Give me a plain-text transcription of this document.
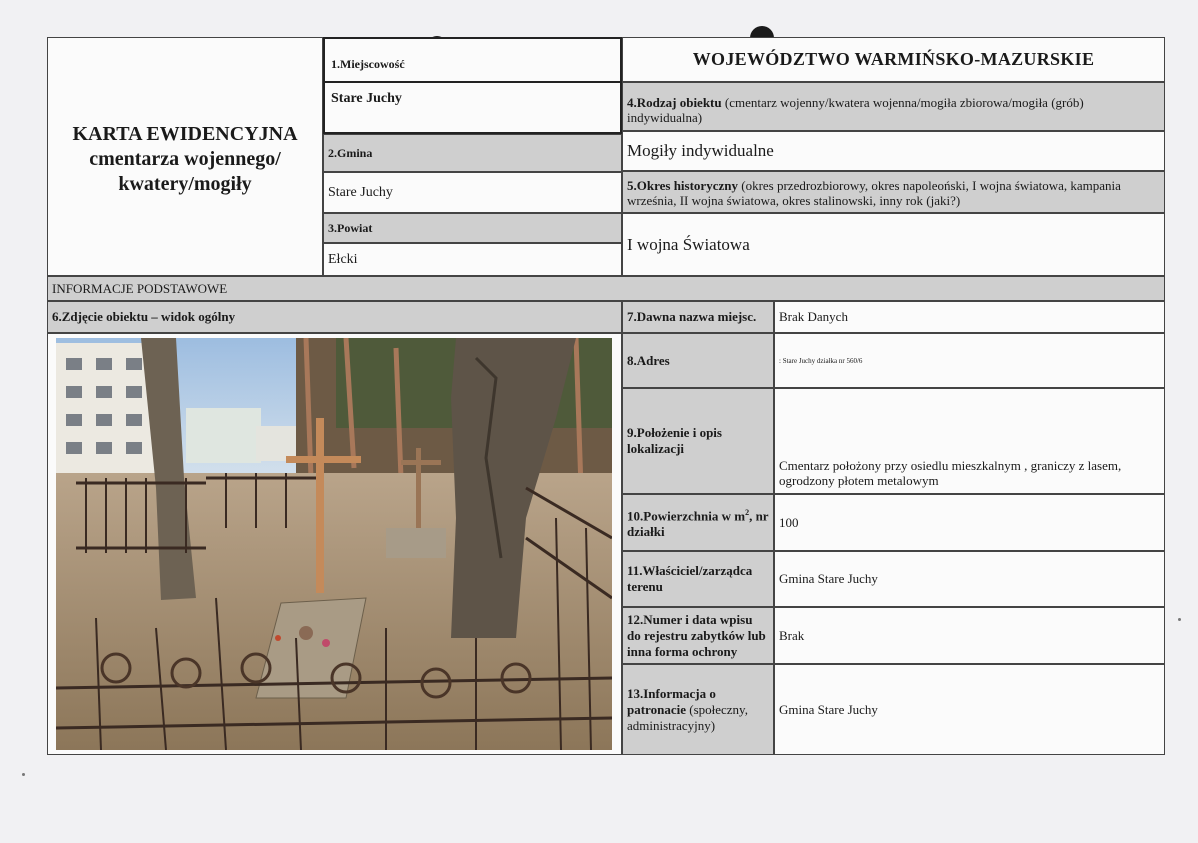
KARTA EWIDENCYJNA
cmentarza wojennego/
kwatery/mogiły
1.Miejscowość
Stare Juchy
2.Gmina
Stare Juchy
3.Powiat
Ełcki
WOJEWÓDZTWO WARMIŃSKO-MAZURSKIE
4.Rodzaj obiektu (cmentarz wojenny/kwatera wojenna/mogiła zbiorowa/mogiła (grób) indywidualna)
Mogiły indywidualne
5.Okres historyczny (okres przedrozbiorowy, okres napoleoński, I wojna światowa, kampania września, II wojna światowa, okres stalinowski, inny rok (jaki?)
I wojna Światowa
INFORMACJE PODSTAWOWE
6.Zdjęcie obiektu – widok ogólny	7.Dawna nazwa miejsc.	Brak Danych
8.Adres	: Stare Juchy działka nr 560/6
9.Położenie i opis lokalizacji
Cmentarz położony przy osiedlu mieszkalnym , graniczy z lasem, ogrodzony płotem metalowym
10.Powierzchnia w $m^2$, nr działki
100
11.Właściciel/zarządca terenu
Gmina Stare Juchy
12.Numer i data wpisu do rejestru zabytków lub inna forma ochrony
Brak
13.Informacja o patronacie (społeczny, administracyjny)
Gmina Stare Juchy
